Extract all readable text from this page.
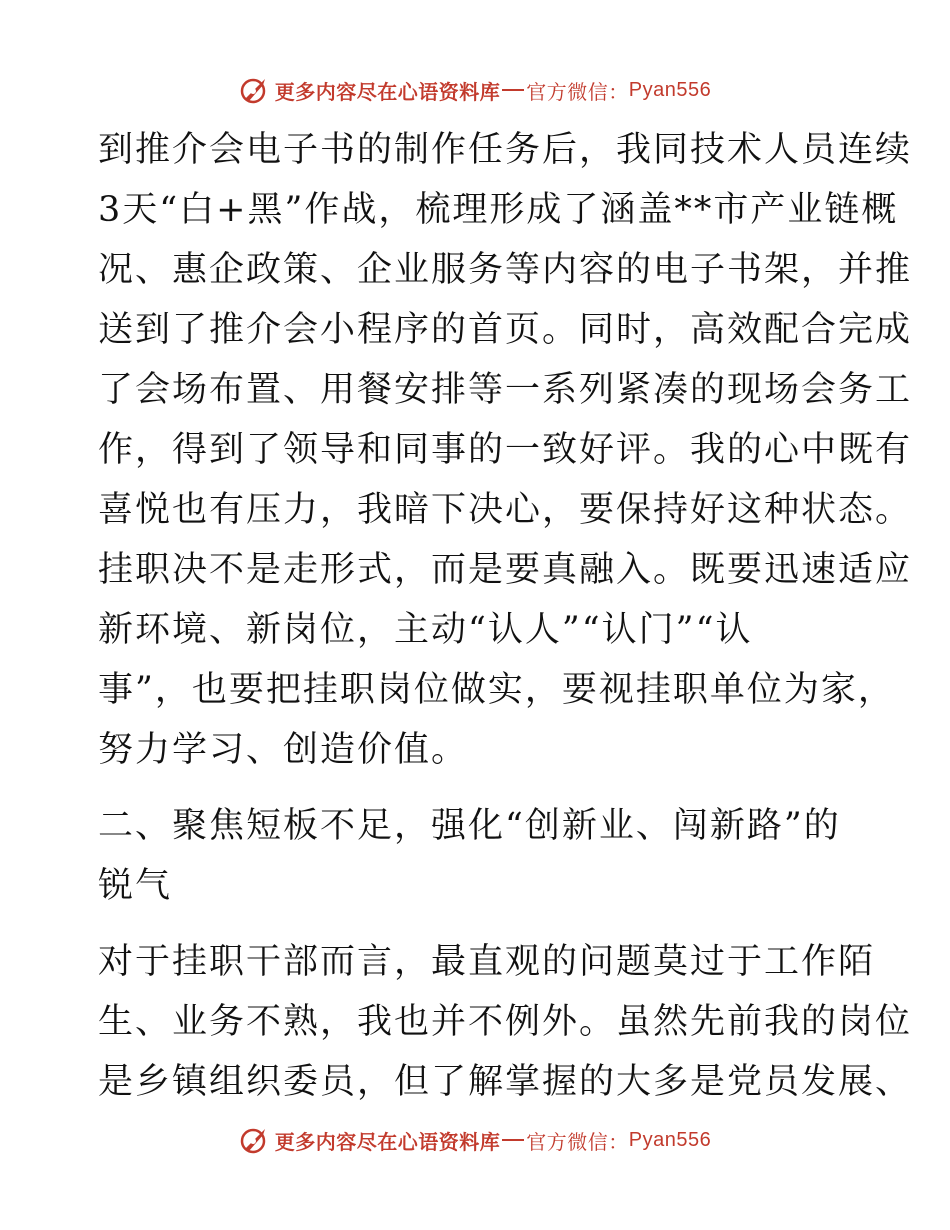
更多内容尽在心语资料库 官方微信： Pyan556

到推介会电子书的制作任务后，我同技术人员连续
3天“白+黑”作战，梳理形成了涵盖**市产业链概
况、惠企政策、企业服务等内容的电子书架，并推
送到了推介会小程序的首页。同时，高效配合完成
了会场布置、用餐安排等一系列紧凑的现场会务工
作，得到了领导和同事的一致好评。我的心中既有
喜悦也有压力，我暗下决心，要保持好这种状态。
挂职决不是走形式，而是要真融入。既要迅速适应
新环境、新岗位，主动“认人”“认门”“认
事”，也要把挂职岗位做实，要视挂职单位为家，
努力学习、创造价值。

二、聚焦短板不足，强化“创新业、闯新路”的
锐气

对于挂职干部而言，最直观的问题莫过于工作陌
生、业务不熟，我也并不例外。虽然先前我的岗位
是乡镇组织委员，但了解掌握的大多是党员发展、

更多内容尽在心语资料库 官方微信： Pyan556
